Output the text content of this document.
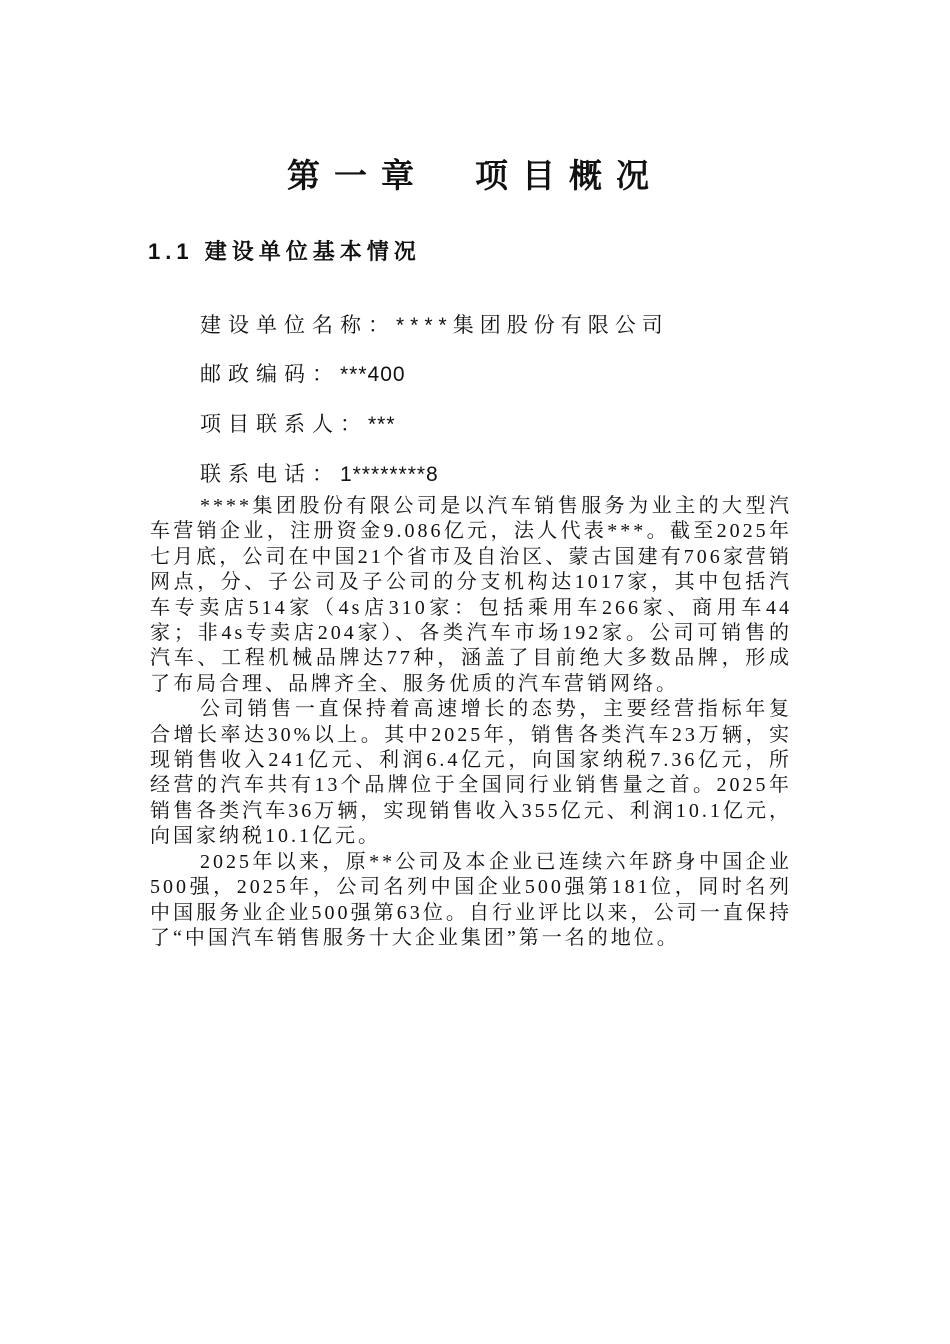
第一章　项目概况
1.1 建设单位基本情况

建设单位名称：****集团股份有限公司

邮政编码：***400

项目联系人：***

联系电话：1********8

****集团股份有限公司是以汽车销售服务为业主的大型汽车营销企业，注册资金9.086亿元，法人代表***。截至2025年七月底，公司在中国21个省市及自治区、蒙古国建有706家营销网点，分、子公司及子公司的分支机构达1017家，其中包括汽车专卖店514家（4s店310家：包括乘用车266家、商用车44家；非4s专卖店204家）、各类汽车市场192家。公司可销售的汽车、工程机械品牌达77种，涵盖了目前绝大多数品牌，形成了布局合理、品牌齐全、服务优质的汽车营销网络。

公司销售一直保持着高速增长的态势，主要经营指标年复合增长率达30%以上。其中2025年，销售各类汽车23万辆，实现销售收入241亿元、利润6.4亿元，向国家纳税7.36亿元，所经营的汽车共有13个品牌位于全国同行业销售量之首。2025年销售各类汽车36万辆，实现销售收入355亿元、利润10.1亿元，向国家纳税10.1亿元。

2025年以来，原**公司及本企业已连续六年跻身中国企业500强，2025年，公司名列中国企业500强第181位，同时名列中国服务业企业500强第63位。自行业评比以来，公司一直保持了“中国汽车销售服务十大企业集团”第一名的地位。
